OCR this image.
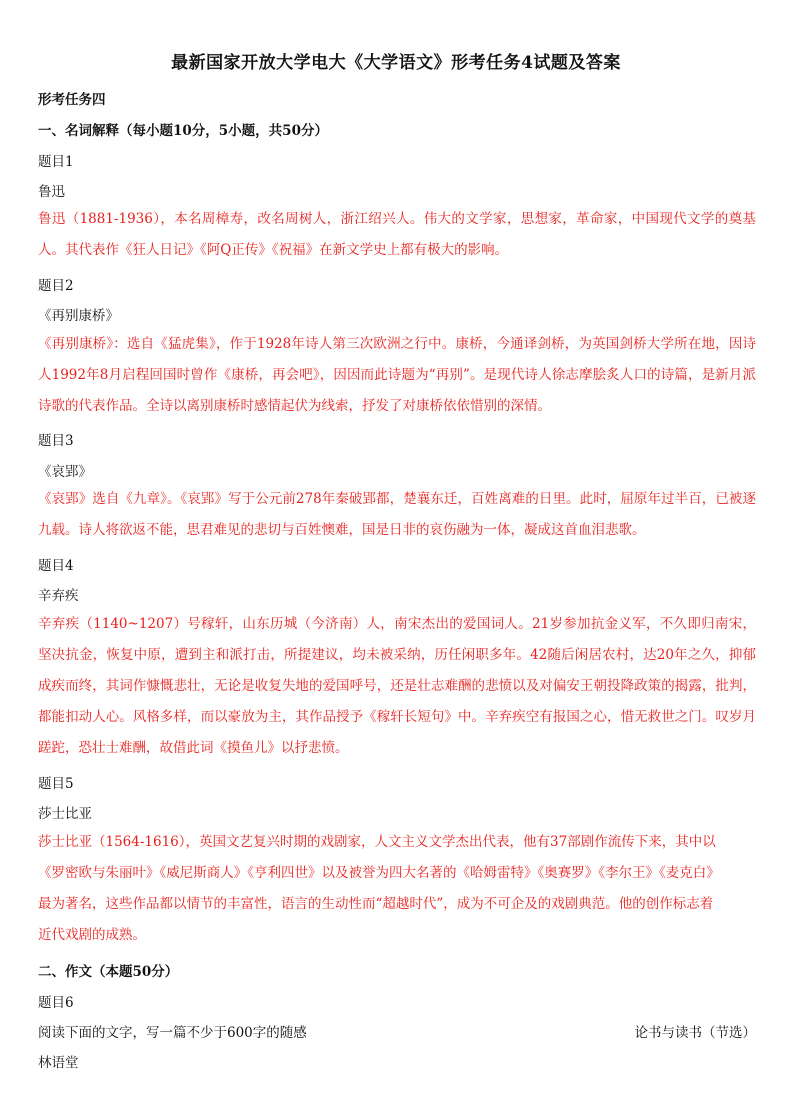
最新国家开放大学电大《大学语文》形考任务4试题及答案
形考任务四
一、名词解释（每小题10分，5小题，共50分）
题目1
鲁迅
鲁迅（1881-1936），本名周樟寿，改名周树人，浙江绍兴人。伟大的文学家，思想家，革命家，中国现代文学的奠基人。其代表作《狂人日记》《阿Q正传》《祝福》在新文学史上都有极大的影响。
题目2
《再别康桥》
《再别康桥》：选自《猛虎集》，作于1928年诗人第三次欧洲之行中。康桥，今通译剑桥，为英国剑桥大学所在地，因诗人1992年8月启程回国时曾作《康桥，再会吧》，因因而此诗题为“再别”。是现代诗人徐志摩脍炙人口的诗篇，是新月派诗歌的代表作品。全诗以离别康桥时感情起伏为线索，抒发了对康桥依依惜别的深情。
题目3
《哀郢》
《哀郢》选自《九章》。《哀郢》写于公元前278年秦破郢都，楚襄东迁，百姓离难的日里。此时，屈原年过半百，已被逐九载。诗人将欲返不能，思君难见的悲切与百姓懊难，国是日非的哀伤融为一体，凝成这首血泪悲歌。
题目4
辛弃疾
辛弃疾（1140~1207）号稼轩，山东历城（今济南）人，南宋杰出的爱国词人。21岁参加抗金义军，不久即归南宋，坚决抗金，恢复中原，遭到主和派打击，所提建议，均未被采纳，历任闲职多年。42随后闲居农村，达20年之久，抑郁成疾而终，其词作慷慨悲壮，无论是收复失地的爱国呼号，还是壮志难酬的悲愤以及对偏安王朝投降政策的揭露，批判，都能扣动人心。风格多样，而以豪放为主，其作品授予《稼轩长短句》中。辛弃疾空有报国之心，惜无救世之门。叹岁月蹉跎，恐壮士难酬，故借此词《摸鱼儿》以抒悲愤。
题目5
莎士比亚
莎士比亚（1564-1616），英国文艺复兴时期的戏剧家，人文主义文学杰出代表，他有37部剧作流传下来，其中以
《罗密欧与朱丽叶》《威尼斯商人》《亨利四世》以及被誉为四大名著的《哈姆雷特》《奥赛罗》《李尔王》《麦克白》
最为著名，这些作品都以情节的丰富性，语言的生动性而“超越时代”，成为不可企及的戏剧典范。他的创作标志着
近代戏剧的成熟。
二、作文（本题50分）
题目6
阅读下面的文字，写一篇不少于600字的随感	论书与读书（节选）
林语堂
